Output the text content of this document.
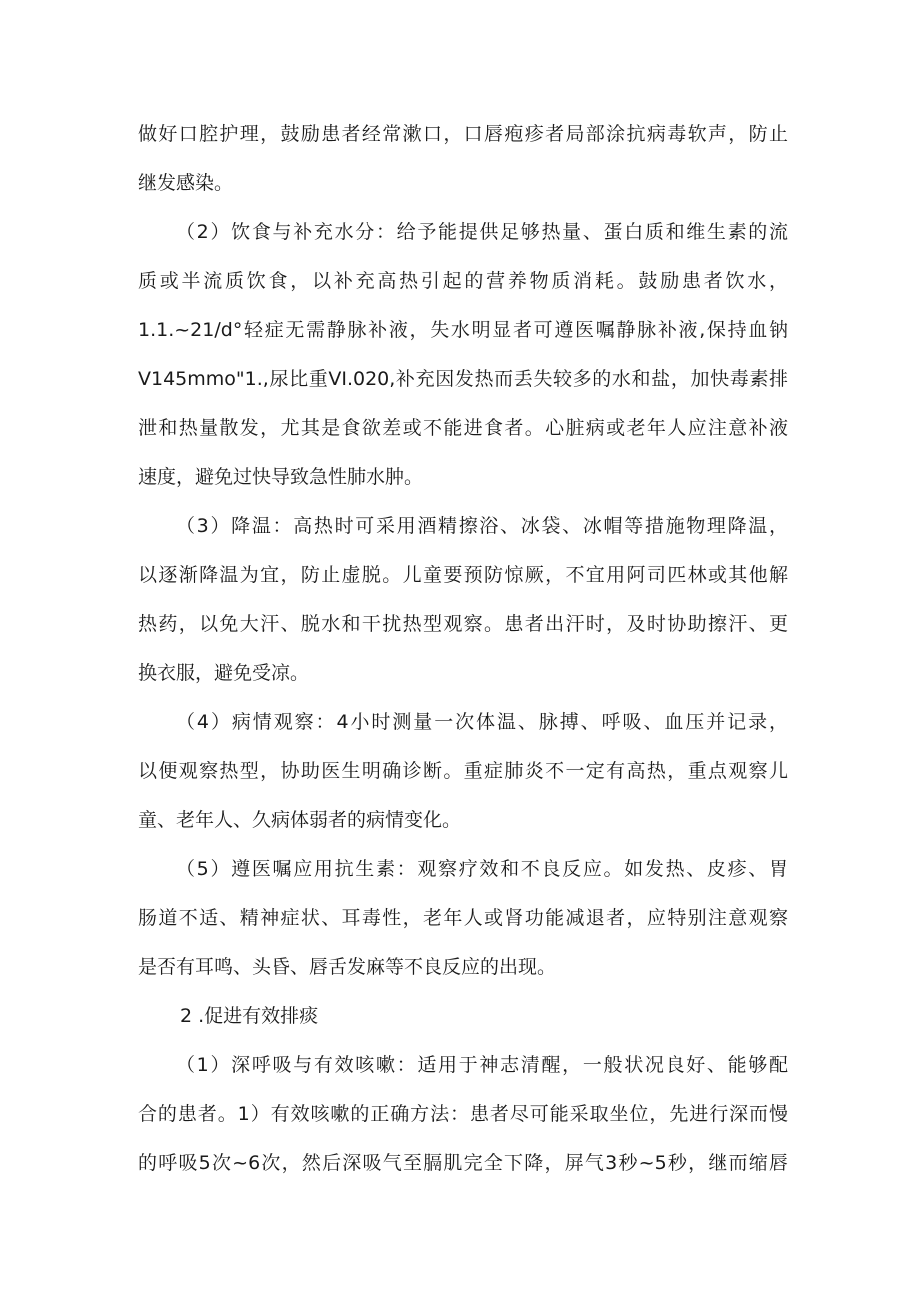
做好口腔护理，鼓励患者经常漱口，口唇疱疹者局部涂抗病毒软声，防止
继发感染。
（2）饮食与补充水分：给予能提供足够热量、蛋白质和维生素的流
质或半流质饮食，以补充高热引起的营养物质消耗。鼓励患者饮水，
1.1.~21∕d°轻症无需静脉补液，失水明显者可遵医嘱静脉补液,保持血钠
V145mmo"1.,尿比重VI.020,补充因发热而丢失较多的水和盐，加快毒素排
泄和热量散发，尤其是食欲差或不能进食者。心脏病或老年人应注意补液
速度，避免过快导致急性肺水肿。
（3）降温：高热时可采用酒精擦浴、冰袋、冰帽等措施物理降温，
以逐渐降温为宜，防止虚脱。儿童要预防惊厥，不宜用阿司匹林或其他解
热药，以免大汗、脱水和干扰热型观察。患者出汗时，及时协助擦汗、更
换衣服，避免受凉。
（4）病情观察：4小时测量一次体温、脉搏、呼吸、血压并记录，
以便观察热型，协助医生明确诊断。重症肺炎不一定有高热，重点观察儿
童、老年人、久病体弱者的病情变化。
（5）遵医嘱应用抗生素：观察疗效和不良反应。如发热、皮疹、胃
肠道不适、精神症状、耳毒性，老年人或肾功能减退者，应特别注意观察
是否有耳鸣、头昏、唇舌发麻等不良反应的出现。
2 .促进有效排痰
（1）深呼吸与有效咳嗽：适用于神志清醒，一般状况良好、能够配
合的患者。1）有效咳嗽的正确方法：患者尽可能采取坐位，先进行深而慢
的呼吸5次~6次，然后深吸气至膈肌完全下降，屏气3秒~5秒，继而缩唇
